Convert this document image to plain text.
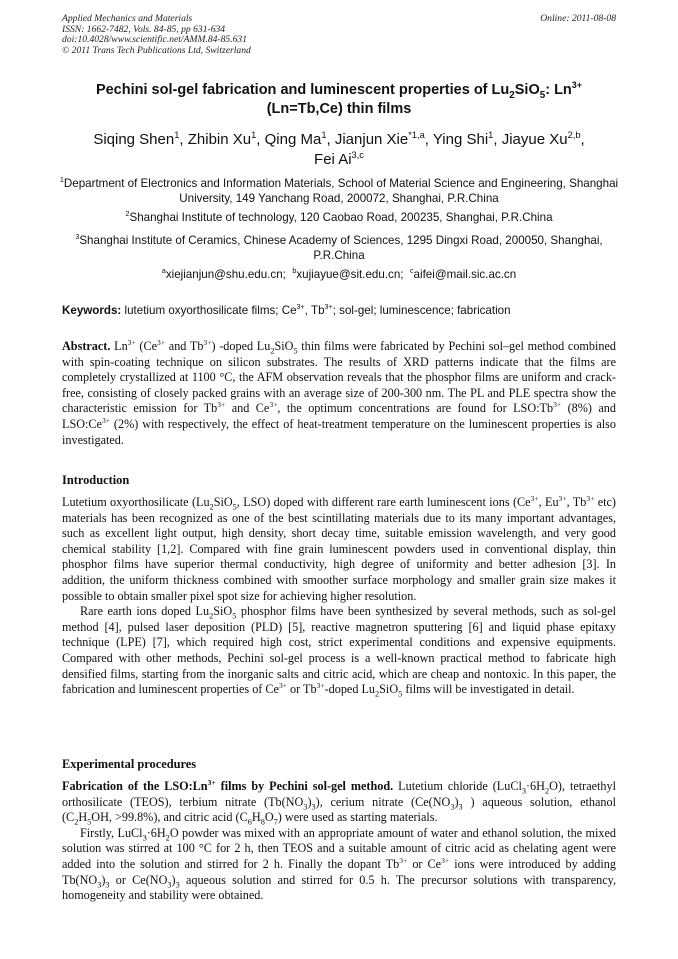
Applied Mechanics and Materials
ISSN: 1662-7482, Vols. 84-85, pp 631-634
doi:10.4028/www.scientific.net/AMM.84-85.631
© 2011 Trans Tech Publications Ltd, Switzerland
Online: 2011-08-08
Pechini sol-gel fabrication and luminescent properties of $Lu_2SiO_5$: $Ln^{3+}$
(Ln=Tb,Ce) thin films
Siqing Shen$^1$, Zhibin Xu$^1$, Qing Ma$^1$, Jianjun Xie$^{*1,a}$, Ying Shi$^1$, Jiayue Xu$^{2,b}$,
Fei Ai$^{3,c}$
$^1$Department of Electronics and Information Materials, School of Material Science and Engineering, Shanghai University, 149 Yanchang Road, 200072, Shanghai, P.R.China
$^2$Shanghai Institute of technology, 120 Caobao Road, 200235, Shanghai, P.R.China
$^3$Shanghai Institute of Ceramics, Chinese Academy of Sciences, 1295 Dingxi Road, 200050, Shanghai, P.R.China
$^a$xiejianjun@shu.edu.cn; $^b$xujiayue@sit.edu.cn; $^c$aifei@mail.sic.ac.cn
Keywords: lutetium oxyorthosilicate films; $Ce^{3+}$, $Tb^{3+}$; sol-gel; luminescence; fabrication

Abstract. $Ln^{3+}$ ($Ce^{3+}$ and $Tb^{3+}$) -doped $Lu_2SiO_5$ thin films were fabricated by Pechini sol–gel method combined with spin-coating technique on silicon substrates. The results of XRD patterns indicate that the films are completely crystallized at 1100 °C, the AFM observation reveals that the phosphor films are uniform and crack-free, consisting of closely packed grains with an average size of 200-300 nm. The PL and PLE spectra show the characteristic emission for $Tb^{3+}$ and $Ce^{3+}$, the optimum concentrations are found for $LSO:Tb^{3+}$ (8%) and $LSO:Ce^{3+}$ (2%) with respectively, the effect of heat-treatment temperature on the luminescent properties is also investigated.

Introduction

Lutetium oxyorthosilicate ($Lu_2SiO_5$, LSO) doped with different rare earth luminescent ions ($Ce^{3+}$, $Eu^{3+}$, $Tb^{3+}$ etc) materials has been recognized as one of the best scintillating materials due to its many important advantages, such as excellent light output, high density, short decay time, suitable emission wavelength, and very good chemical stability [1,2]. Compared with fine grain luminescent powders used in conventional display, thin phosphor films have superior thermal conductivity, high degree of uniformity and better adhesion [3]. In addition, the uniform thickness combined with smoother surface morphology and smaller grain size makes it possible to obtain smaller pixel spot size for achieving higher resolution.

Rare earth ions doped $Lu_2SiO_5$ phosphor films have been synthesized by several methods, such as sol-gel method [4], pulsed laser deposition (PLD) [5], reactive magnetron sputtering [6] and liquid phase epitaxy technique (LPE) [7], which required high cost, strict experimental conditions and expensive equipments. Compared with other methods, Pechini sol-gel process is a well-known practical method to fabricate high densified films, starting from the inorganic salts and citric acid, which are cheap and nontoxic. In this paper, the fabrication and luminescent properties of $Ce^{3+}$ or $Tb^{3+}$-doped $Lu_2SiO_5$ films will be investigated in detail.

Experimental procedures

Fabrication of the $LSO:Ln^{3+}$ films by Pechini sol-gel method. Lutetium chloride $(LuCl_3\cdot 6H_2O)$, tetraethyl orthosilicate (TEOS), terbium nitrate $(Tb(NO_3)_3)$, cerium nitrate ($Ce(NO_3)_3$ ) aqueous solution, ethanol ($C_2H_5OH$, >99.8%), and citric acid $(C_6H_8O_7)$ were used as starting materials.

Firstly, $LuCl_3\cdot 6H_2O$ powder was mixed with an appropriate amount of water and ethanol solution, the mixed solution was stirred at 100 °C for 2 h, then TEOS and a suitable amount of citric acid as chelating agent were added into the solution and stirred for 2 h. Finally the dopant $Tb^{3+}$ or $Ce^{3+}$ ions were introduced by adding $Tb(NO_3)_3$ or $Ce(NO_3)_3$ aqueous solution and stirred for 0.5 h. The precursor solutions with transparency, homogeneity and stability were obtained.
